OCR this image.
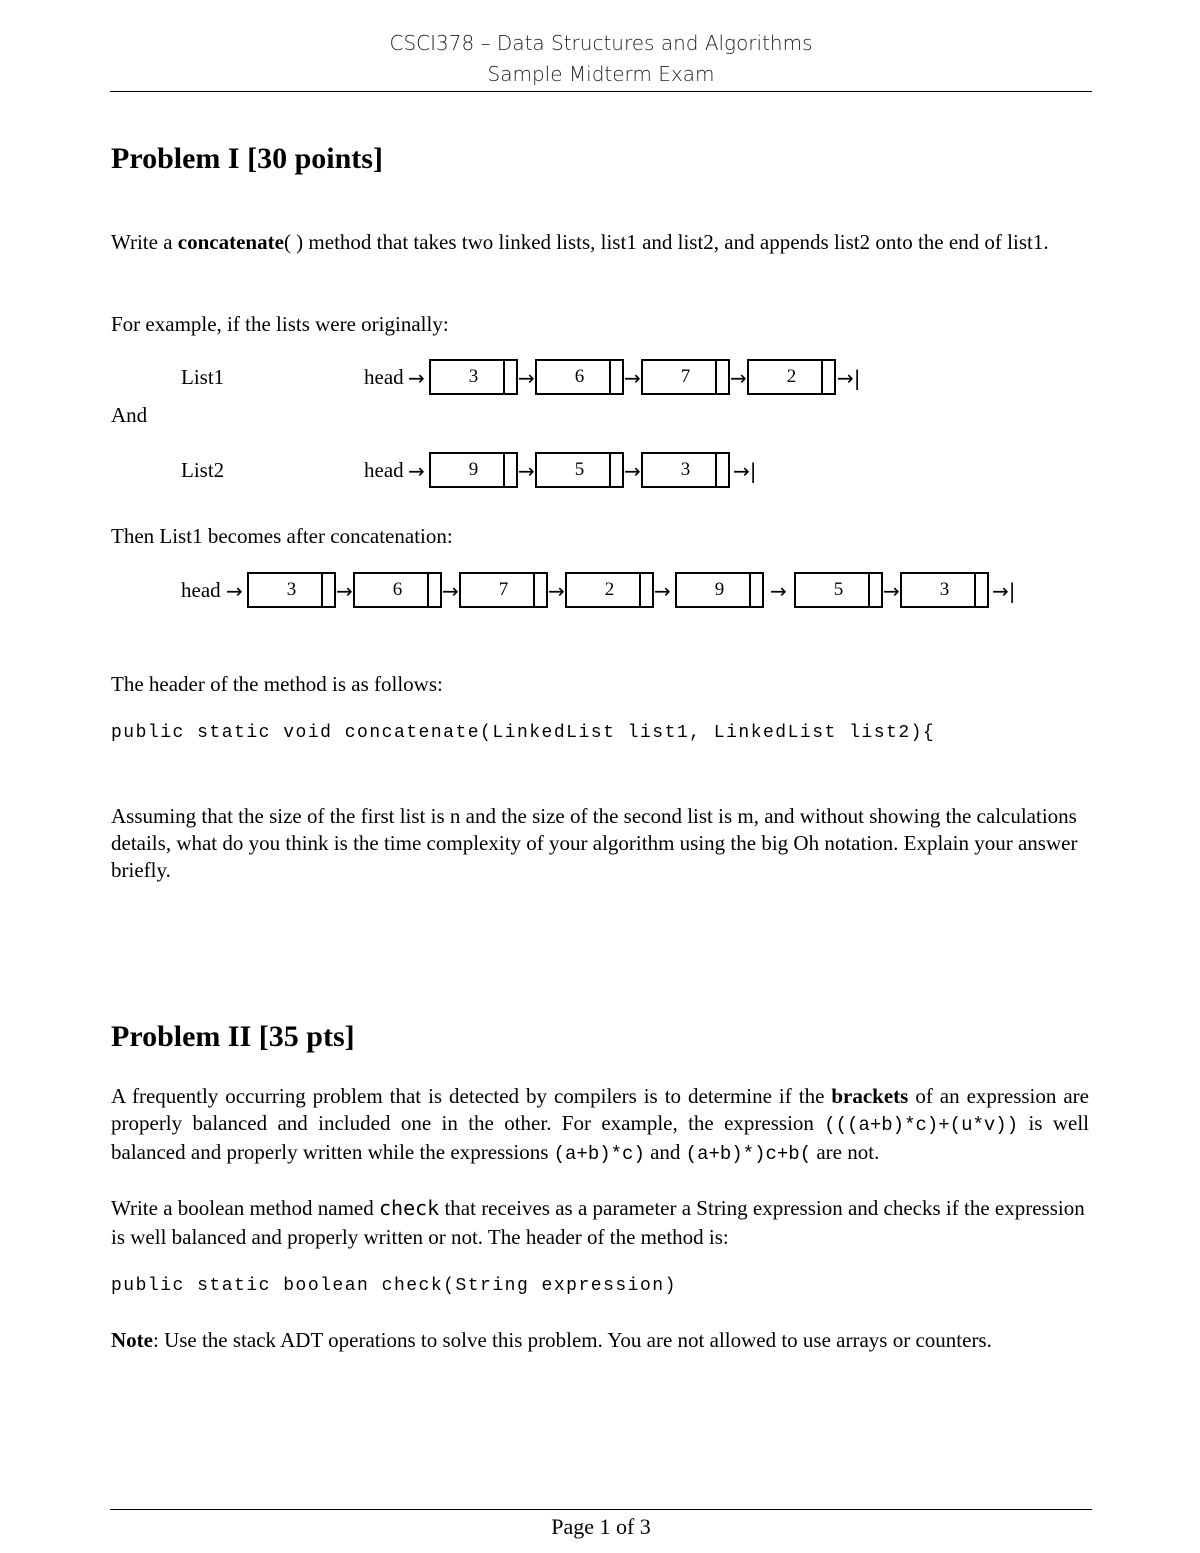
CSCI378 – Data Structures and Algorithms
Sample Midterm Exam
Problem I [30 points]
Write a concatenate( ) method that takes two linked lists, list1 and list2, and appends list2 onto the end of list1.
For example, if the lists were originally:
List1	head →	3	→	6	→	7	→	2	→|
And
List2	head →	9	→	5	→	3	→|
Then List1 becomes after concatenation:
head →	3	→	6	→	7	→	2	→	9	→	5	→	3	→|
The header of the method is as follows:
public static void concatenate(LinkedList list1, LinkedList list2){
Assuming that the size of the first list is n and the size of the second list is m, and without showing the calculations details, what do you think is the time complexity of your algorithm using the big Oh notation. Explain your answer briefly.
Problem II [35 pts]
A frequently occurring problem that is detected by compilers is to determine if the brackets of an expression are properly balanced and included one in the other. For example, the expression (((a+b)*c)+(u*v)) is well balanced and properly written while the expressions (a+b)*c) and (a+b)*)c+b( are not.
Write a boolean method named check that receives as a parameter a String expression and checks if the expression is well balanced and properly written or not. The header of the method is:
public static boolean check(String expression)
Note: Use the stack ADT operations to solve this problem. You are not allowed to use arrays or counters.
Page 1 of 3
